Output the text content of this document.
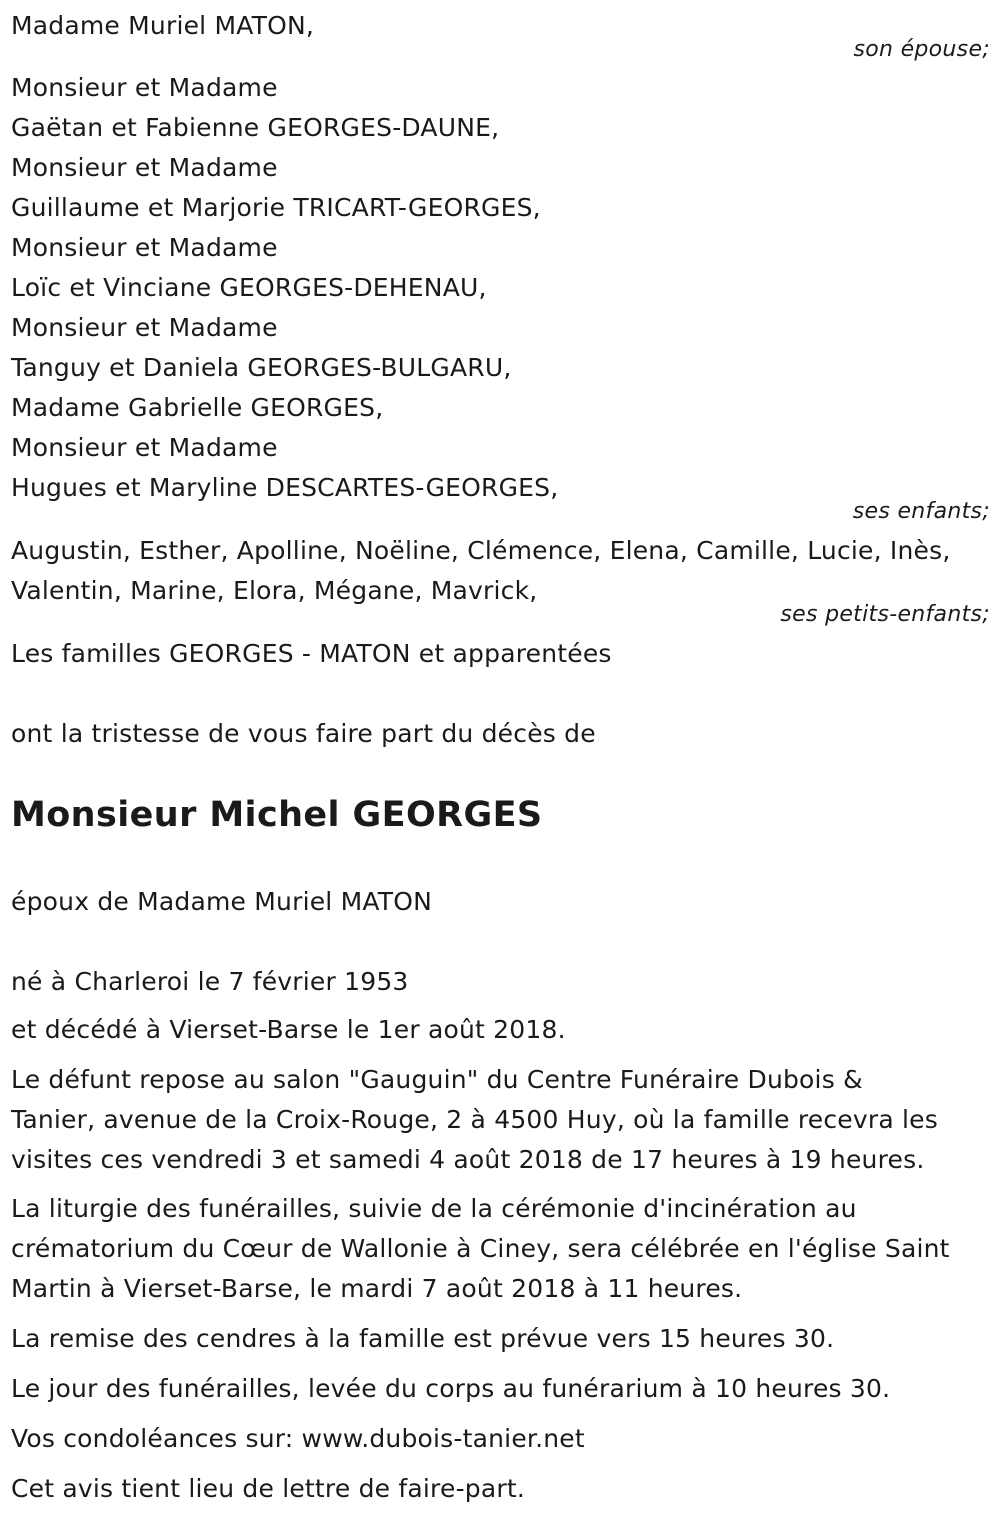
Madame Muriel MATON,
son épouse;
Monsieur et Madame
Gaëtan et Fabienne GEORGES-DAUNE,
Monsieur et Madame
Guillaume et Marjorie TRICART-GEORGES,
Monsieur et Madame
Loïc et Vinciane GEORGES-DEHENAU,
Monsieur et Madame
Tanguy et Daniela GEORGES-BULGARU,
Madame Gabrielle GEORGES,
Monsieur et Madame
Hugues et Maryline DESCARTES-GEORGES,
ses enfants;
Augustin, Esther, Apolline, Noëline, Clémence, Elena, Camille, Lucie, Inès,
Valentin, Marine, Elora, Mégane, Mavrick,
ses petits-enfants;
Les familles GEORGES - MATON et apparentées
ont la tristesse de vous faire part du décès de
Monsieur Michel GEORGES
époux de Madame Muriel MATON
né à Charleroi le 7 février 1953
et décédé à Vierset-Barse le 1er août 2018.
Le défunt repose au salon "Gauguin" du Centre Funéraire Dubois &
Tanier, avenue de la Croix-Rouge, 2 à 4500 Huy, où la famille recevra les
visites ces vendredi 3 et samedi 4 août 2018 de 17 heures à 19 heures.
La liturgie des funérailles, suivie de la cérémonie d'incinération au
crématorium du Cœur de Wallonie à Ciney, sera célébrée en l'église Saint
Martin à Vierset-Barse, le mardi 7 août 2018 à 11 heures.
La remise des cendres à la famille est prévue vers 15 heures 30.
Le jour des funérailles, levée du corps au funérarium à 10 heures 30.
Vos condoléances sur: www.dubois-tanier.net
Cet avis tient lieu de lettre de faire-part.
